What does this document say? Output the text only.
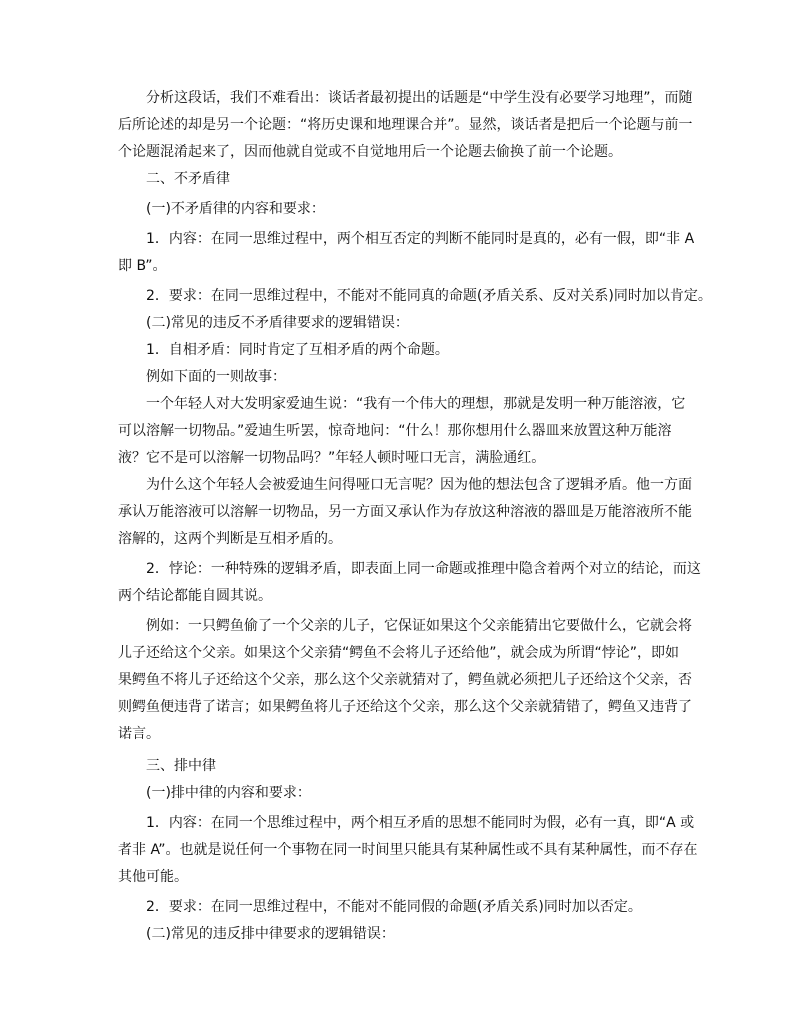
分析这段话，我们不难看出：谈话者最初提出的话题是“中学生没有必要学习地理”，而随
后所论述的却是另一个论题：“将历史课和地理课合并”。显然，谈话者是把后一个论题与前一
个论题混淆起来了，因而他就自觉或不自觉地用后一个论题去偷换了前一个论题。
二、不矛盾律
(一)不矛盾律的内容和要求：
1．内容：在同一思维过程中，两个相互否定的判断不能同时是真的，必有一假，即“非 A
即 B”。
2．要求：在同一思维过程中，不能对不能同真的命题(矛盾关系、反对关系)同时加以肯定。
(二)常见的违反不矛盾律要求的逻辑错误：
1．自相矛盾：同时肯定了互相矛盾的两个命题。
例如下面的一则故事：
一个年轻人对大发明家爱迪生说：“我有一个伟大的理想，那就是发明一种万能溶液，它
可以溶解一切物品。”爱迪生听罢，惊奇地问：“什么！那你想用什么器皿来放置这种万能溶
液？它不是可以溶解一切物品吗？”年轻人顿时哑口无言，满脸通红。
为什么这个年轻人会被爱迪生问得哑口无言呢？因为他的想法包含了逻辑矛盾。他一方面
承认万能溶液可以溶解一切物品，另一方面又承认作为存放这种溶液的器皿是万能溶液所不能
溶解的，这两个判断是互相矛盾的。
2．悖论：一种特殊的逻辑矛盾，即表面上同一命题或推理中隐含着两个对立的结论，而这
两个结论都能自圆其说。
例如：一只鳄鱼偷了一个父亲的儿子，它保证如果这个父亲能猜出它要做什么，它就会将
儿子还给这个父亲。如果这个父亲猜“鳄鱼不会将儿子还给他”，就会成为所谓“悖论”，即如
果鳄鱼不将儿子还给这个父亲，那么这个父亲就猜对了，鳄鱼就必须把儿子还给这个父亲，否
则鳄鱼便违背了诺言；如果鳄鱼将儿子还给这个父亲，那么这个父亲就猜错了，鳄鱼又违背了
诺言。
三、排中律
(一)排中律的内容和要求：
1．内容：在同一个思维过程中，两个相互矛盾的思想不能同时为假，必有一真，即“A 或
者非 A”。也就是说任何一个事物在同一时间里只能具有某种属性或不具有某种属性，而不存在
其他可能。
2．要求：在同一思维过程中，不能对不能同假的命题(矛盾关系)同时加以否定。
(二)常见的违反排中律要求的逻辑错误：
